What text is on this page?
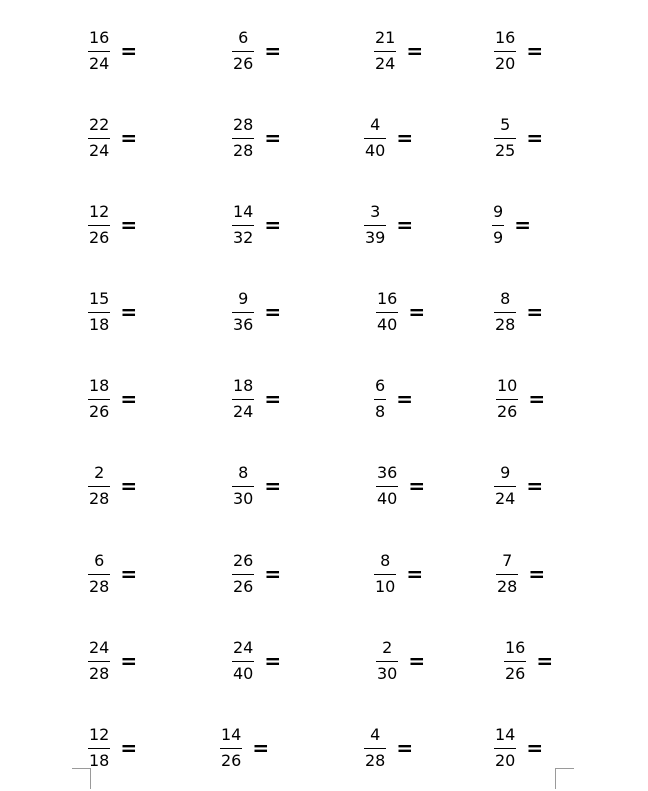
$\frac{16}{24}$ =	$\frac{6}{26}$ =	$\frac{21}{24}$ =	$\frac{16}{20}$ =
$\frac{22}{24}$ =	$\frac{28}{28}$ =	$\frac{4}{40}$ =	$\frac{5}{25}$ =
$\frac{12}{26}$ =	$\frac{14}{32}$ =	$\frac{3}{39}$ =	$\frac{9}{9}$ =
$\frac{15}{18}$ =	$\frac{9}{36}$ =	$\frac{16}{40}$ =	$\frac{8}{28}$ =
$\frac{18}{26}$ =	$\frac{18}{24}$ =	$\frac{6}{8}$ =	$\frac{10}{26}$ =
$\frac{2}{28}$ =	$\frac{8}{30}$ =	$\frac{36}{40}$ =	$\frac{9}{24}$ =
$\frac{6}{28}$ =	$\frac{26}{26}$ =	$\frac{8}{10}$ =	$\frac{7}{28}$ =
$\frac{24}{28}$ =	$\frac{24}{40}$ =	$\frac{2}{30}$ =	$\frac{16}{26}$ =
$\frac{12}{18}$ =	$\frac{14}{26}$ =	$\frac{4}{28}$ =	$\frac{14}{20}$ =
